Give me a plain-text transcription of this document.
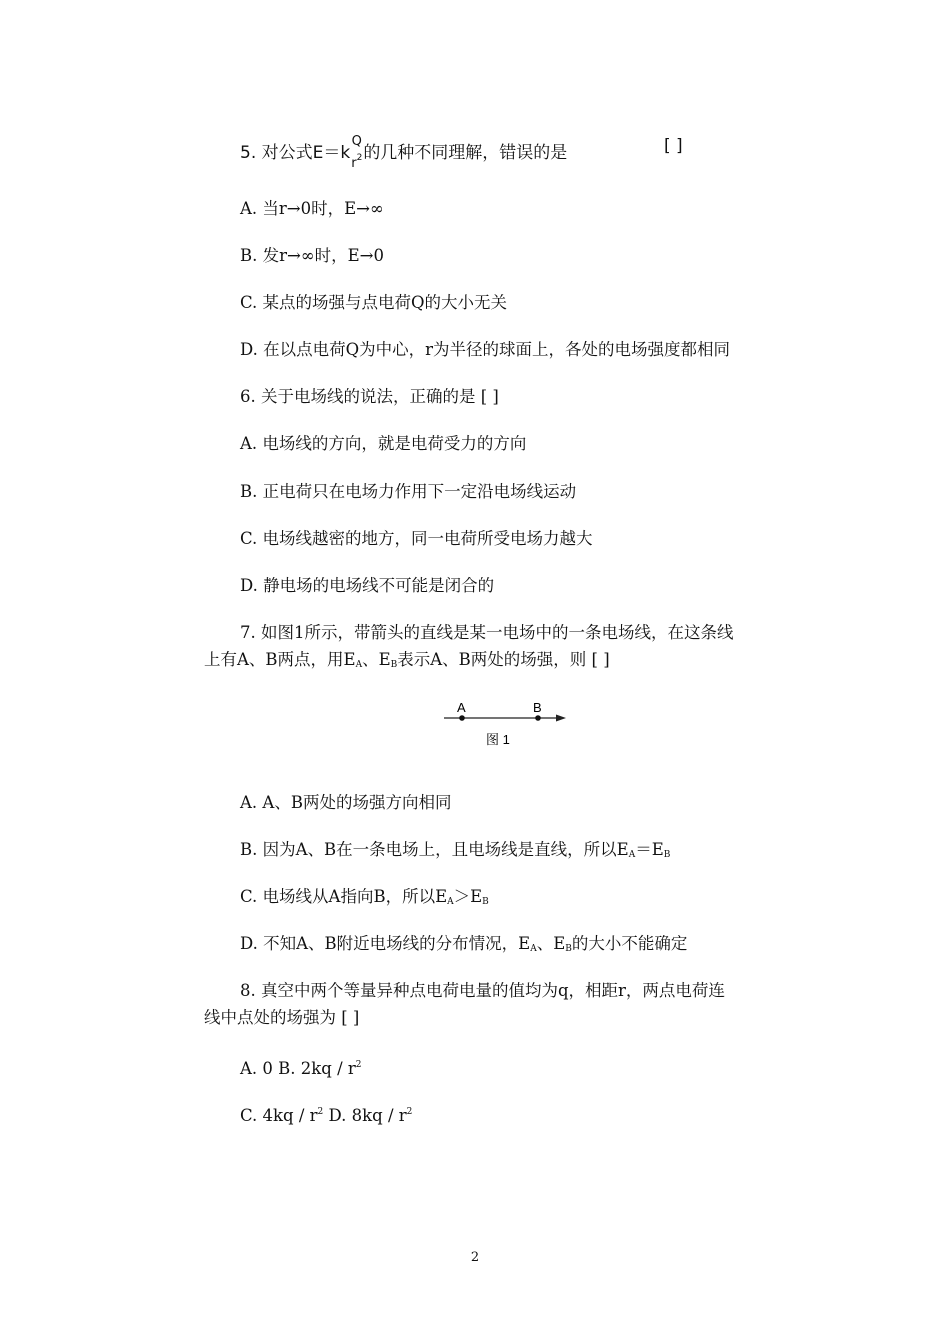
5. 对公式E＝k
Q
$r^2$ 的几种不同理解，错误的是	[ ]
A. 当r→0时，E→∞
B. 发r→∞时，E→0
C. 某点的场强与点电荷Q的大小无关
D. 在以点电荷Q为中心，r为半径的球面上，各处的电场强度都相同
6. 关于电场线的说法，正确的是 [ ]
A. 电场线的方向，就是电荷受力的方向
B. 正电荷只在电场力作用下一定沿电场线运动
C. 电场线越密的地方，同一电荷所受电场力越大
D. 静电场的电场线不可能是闭合的
7. 如图1所示，带箭头的直线是某一电场中的一条电场线，在这条线
上有A、B两点，用$E_A$、$E_B$表示A、B两处的场强，则 [ ]
A	B
图 1
A. A、B两处的场强方向相同
B. 因为A、B在一条电场上，且电场线是直线，所以$E_A=E_B$
C. 电场线从A指向B，所以$E_A>E_B$
D. 不知A、B附近电场线的分布情况，$E_A$、$E_B$的大小不能确定
8. 真空中两个等量异种点电荷电量的值均为q，相距r，两点电荷连
线中点处的场强为 [ ]
A. 0 B. $2kq / r^2$
C. $4kq / r^2$ D. $8kq / r^2$
2
